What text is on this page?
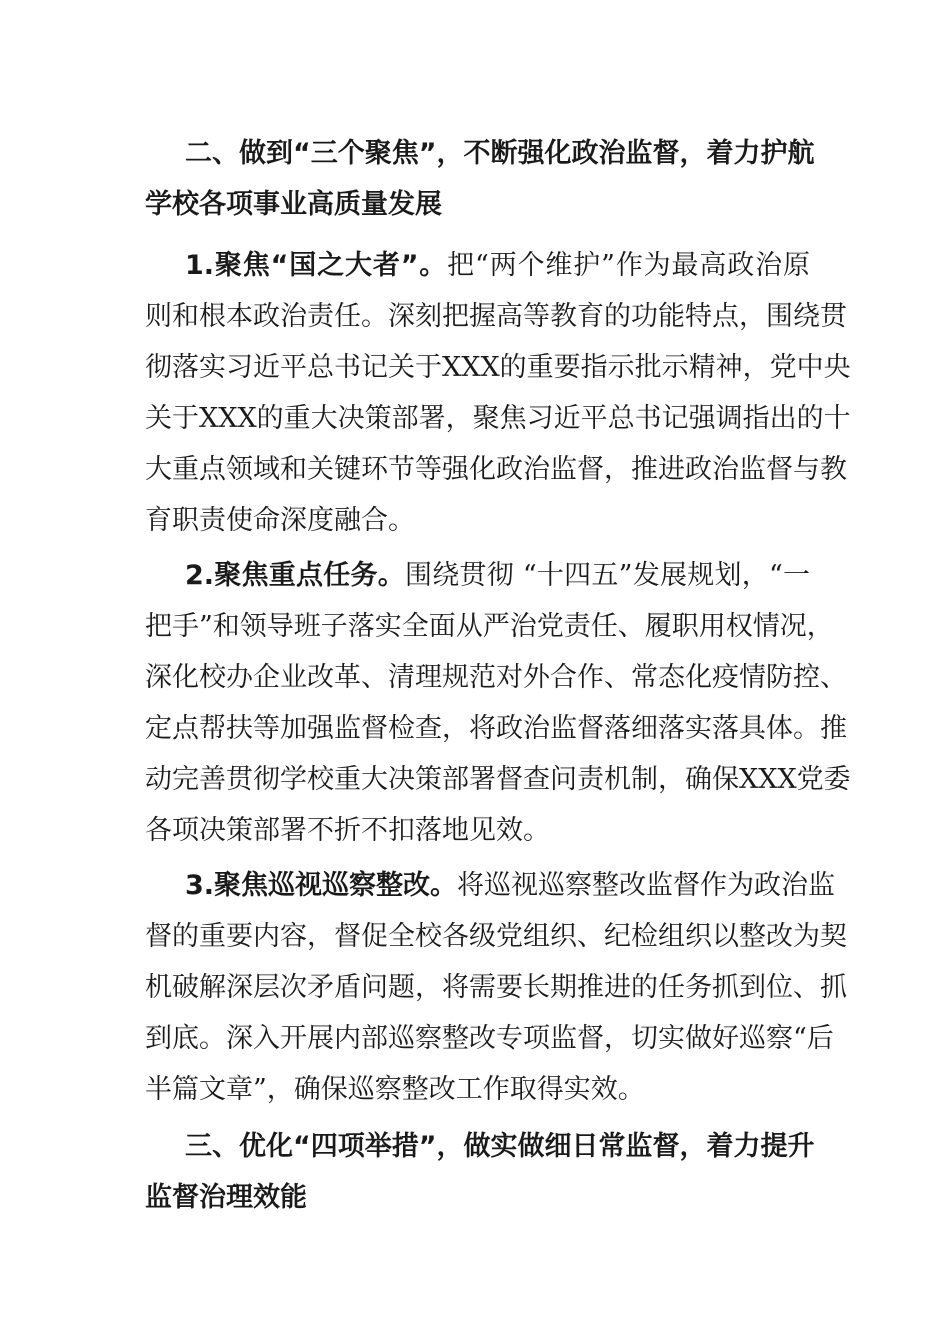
二、做到“三个聚焦”，不断强化政治监督，着力护航
学校各项事业高质量发展
1.聚焦“国之大者”。把“两个维护”作为最高政治原
则和根本政治责任。深刻把握高等教育的功能特点，围绕贯
彻落实习近平总书记关于XXX的重要指示批示精神，党中央
关于XXX的重大决策部署，聚焦习近平总书记强调指出的十
大重点领域和关键环节等强化政治监督，推进政治监督与教
育职责使命深度融合。
2.聚焦重点任务。围绕贯彻 “十四五”发展规划，“一
把手”和领导班子落实全面从严治党责任、履职用权情况，
深化校办企业改革、清理规范对外合作、常态化疫情防控、
定点帮扶等加强监督检查，将政治监督落细落实落具体。推
动完善贯彻学校重大决策部署督查问责机制，确保XXX党委
各项决策部署不折不扣落地见效。
3.聚焦巡视巡察整改。将巡视巡察整改监督作为政治监
督的重要内容，督促全校各级党组织、纪检组织以整改为契
机破解深层次矛盾问题，将需要长期推进的任务抓到位、抓
到底。深入开展内部巡察整改专项监督，切实做好巡察“后
半篇文章”，确保巡察整改工作取得实效。
三、优化“四项举措”，做实做细日常监督，着力提升
监督治理效能
